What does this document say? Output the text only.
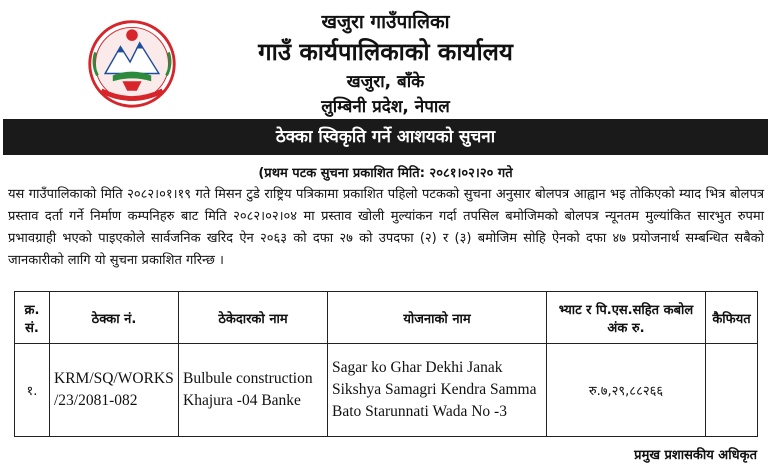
खजुरा गाउँपालिका
गाउँ कार्यपालिकाको कार्यालय
खजुरा, बाँके
लुम्बिनी प्रदेश, नेपाल
ठेक्का स्विकृति गर्ने आशयको सुचना
(प्रथम पटक सुचना प्रकाशित मिति: २०८१।०२।२० गते
यस गाउँपालिकाको मिति २०८२।०१।१९ गते मिसन टुडे राष्ट्रिय पत्रिकामा प्रकाशित पहिलो पटकको सुचना अनुसार बोलपत्र आह्वान भइ तोकिएको म्याद भित्र बोलपत्र प्रस्ताव दर्ता गर्ने निर्माण कम्पनिहरु बाट मिति २०८२।०२।०४ मा प्रस्ताव खोली मुल्यांकन गर्दा तपसिल बमोजिमको बोलपत्र न्यूनतम मुल्यांकित सारभुत रुपमा प्रभावग्राही भएको पाइएकोले सार्वजनिक खरिद ऐन २०६३ को दफा २७ को उपदफा (२) र (३) बमोजिम सोहि ऐनको दफा ४७ प्रयोजनार्थ सम्बन्धित सबैको जानकारीको लागि यो सुचना प्रकाशित गरिन्छ ।
क्र. सं.	ठेक्का नं.	ठेकेदारको नाम	योजनाको नाम	भ्याट र पि.एस.सहित कबोल अंक रु.	कैफियत
१.	KRM/SQ/WORKS /23/2081-082	Bulbule construction Khajura -04 Banke	Sagar ko Ghar Dekhi Janak Sikshya Samagri Kendra Samma Bato Starunnati Wada No -3	रु.७,२९,८८२६६	
प्रमुख प्रशासकीय अधिकृत
